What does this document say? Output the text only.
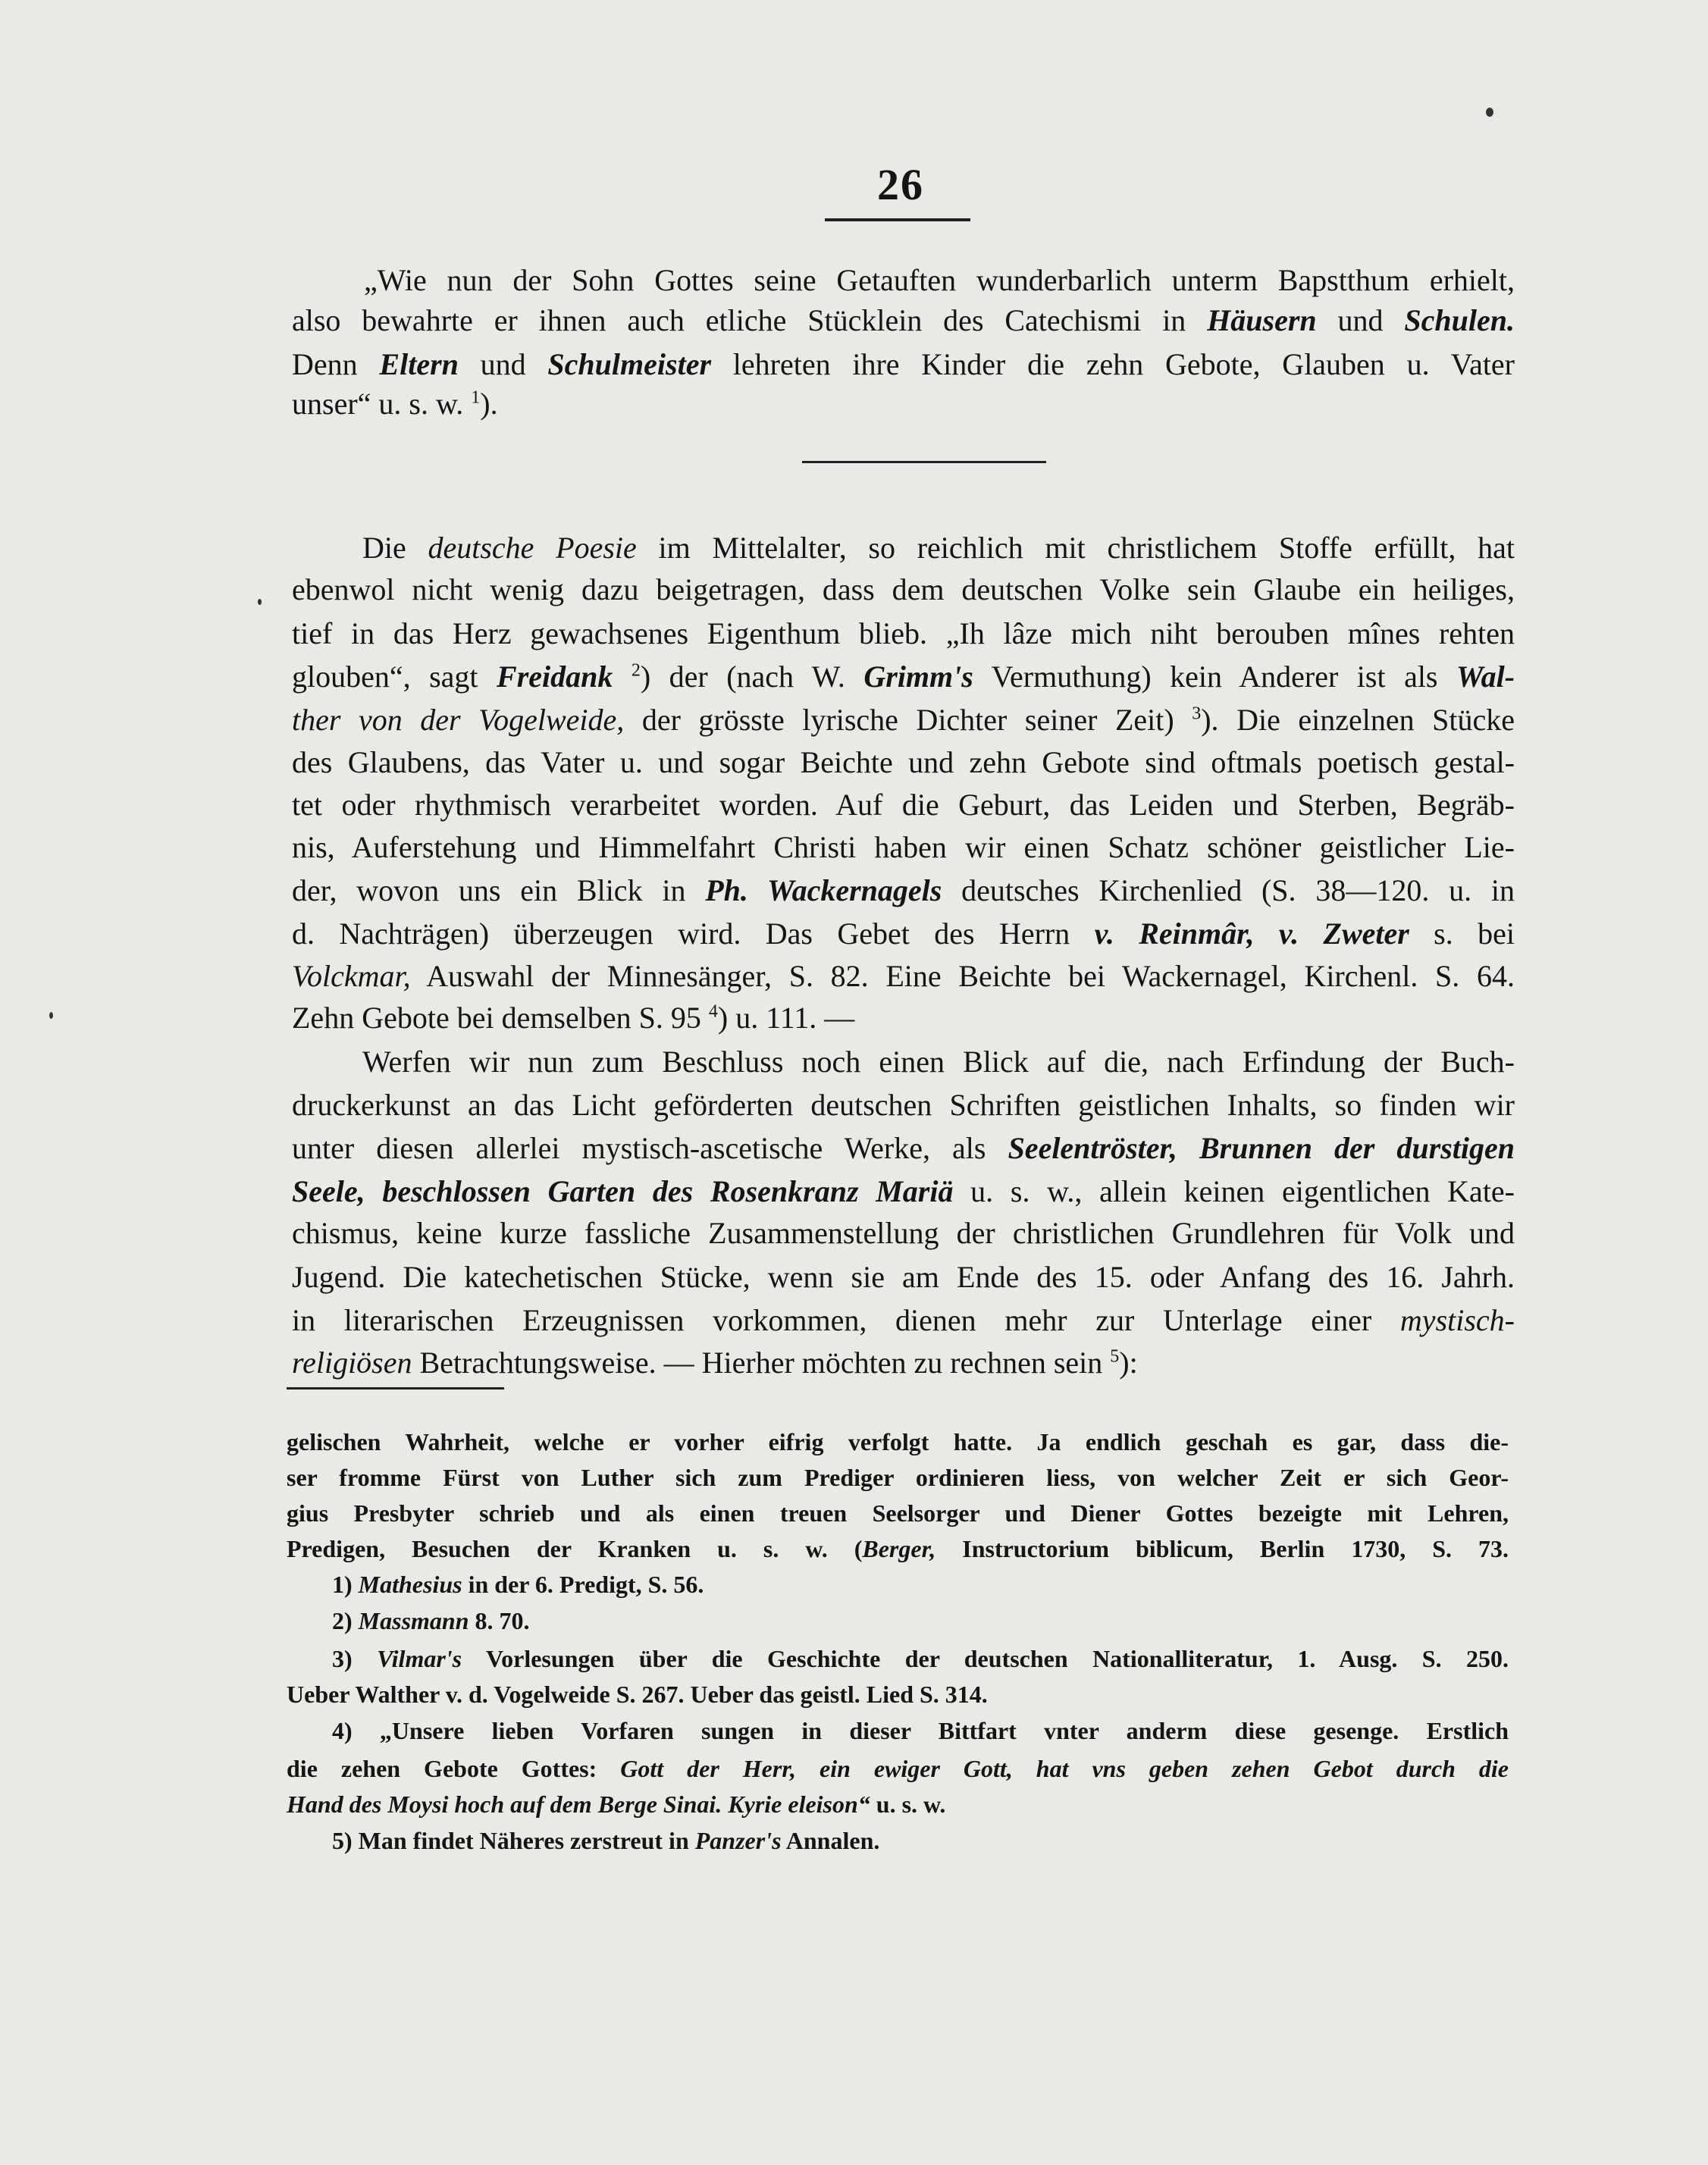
26
„Wie nun der Sohn Gottes seine Getauften wunderbarlich unterm Bapstthum erhielt,
also bewahrte er ihnen auch etliche Stücklein des Catechismi in Häusern und Schulen.
Denn Eltern und Schulmeister lehreten ihre Kinder die zehn Gebote, Glauben u. Vater
unser“ u. s. w. $^1$).
Die deutsche Poesie im Mittelalter, so reichlich mit christlichem Stoffe erfüllt, hat
ebenwol nicht wenig dazu beigetragen, dass dem deutschen Volke sein Glaube ein heiliges,
tief in das Herz gewachsenes Eigenthum blieb. „Ih lâze mich niht berouben mînes rehten
glouben“, sagt Freidank $^2$) der (nach W. Grimm's Vermuthung) kein Anderer ist als Wal-
ther von der Vogelweide, der grösste lyrische Dichter seiner Zeit) $^3$). Die einzelnen Stücke
des Glaubens, das Vater u. und sogar Beichte und zehn Gebote sind oftmals poetisch gestal-
tet oder rhythmisch verarbeitet worden. Auf die Geburt, das Leiden und Sterben, Begräb-
nis, Auferstehung und Himmelfahrt Christi haben wir einen Schatz schöner geistlicher Lie-
der, wovon uns ein Blick in Ph. Wackernagels deutsches Kirchenlied (S. 38—120. u. in
d. Nachträgen) überzeugen wird. Das Gebet des Herrn v. Reinmâr, v. Zweter s. bei
Volckmar, Auswahl der Minnesänger, S. 82. Eine Beichte bei Wackernagel, Kirchenl. S. 64.
Zehn Gebote bei demselben S. 95 $^4$) u. 111. —
Werfen wir nun zum Beschluss noch einen Blick auf die, nach Erfindung der Buch-
druckerkunst an das Licht geförderten deutschen Schriften geistlichen Inhalts, so finden wir
unter diesen allerlei mystisch-ascetische Werke, als Seelentröster, Brunnen der durstigen
Seele, beschlossen Garten des Rosenkranz Mariä u. s. w., allein keinen eigentlichen Kate-
chismus, keine kurze fassliche Zusammenstellung der christlichen Grundlehren für Volk und
Jugend. Die katechetischen Stücke, wenn sie am Ende des 15. oder Anfang des 16. Jahrh.
in literarischen Erzeugnissen vorkommen, dienen mehr zur Unterlage einer mystisch-
religiösen Betrachtungsweise. — Hierher möchten zu rechnen sein $^5$):
gelischen Wahrheit, welche er vorher eifrig verfolgt hatte. Ja endlich geschah es gar, dass die-
ser fromme Fürst von Luther sich zum Prediger ordinieren liess, von welcher Zeit er sich Geor-
gius Presbyter schrieb und als einen treuen Seelsorger und Diener Gottes bezeigte mit Lehren,
Predigen, Besuchen der Kranken u. s. w. (Berger, Instructorium biblicum, Berlin 1730, S. 73.
1) Mathesius in der 6. Predigt, S. 56.
2) Massmann 8. 70.
3) Vilmar's Vorlesungen über die Geschichte der deutschen Nationalliteratur, 1. Ausg. S. 250.
Ueber Walther v. d. Vogelweide S. 267. Ueber das geistl. Lied S. 314.
4) „Unsere lieben Vorfaren sungen in dieser Bittfart vnter anderm diese gesenge. Erstlich
die zehen Gebote Gottes: Gott der Herr, ein ewiger Gott, hat vns geben zehen Gebot durch die
Hand des Moysi hoch auf dem Berge Sinai. Kyrie eleison“ u. s. w.
5) Man findet Näheres zerstreut in Panzer's Annalen.
